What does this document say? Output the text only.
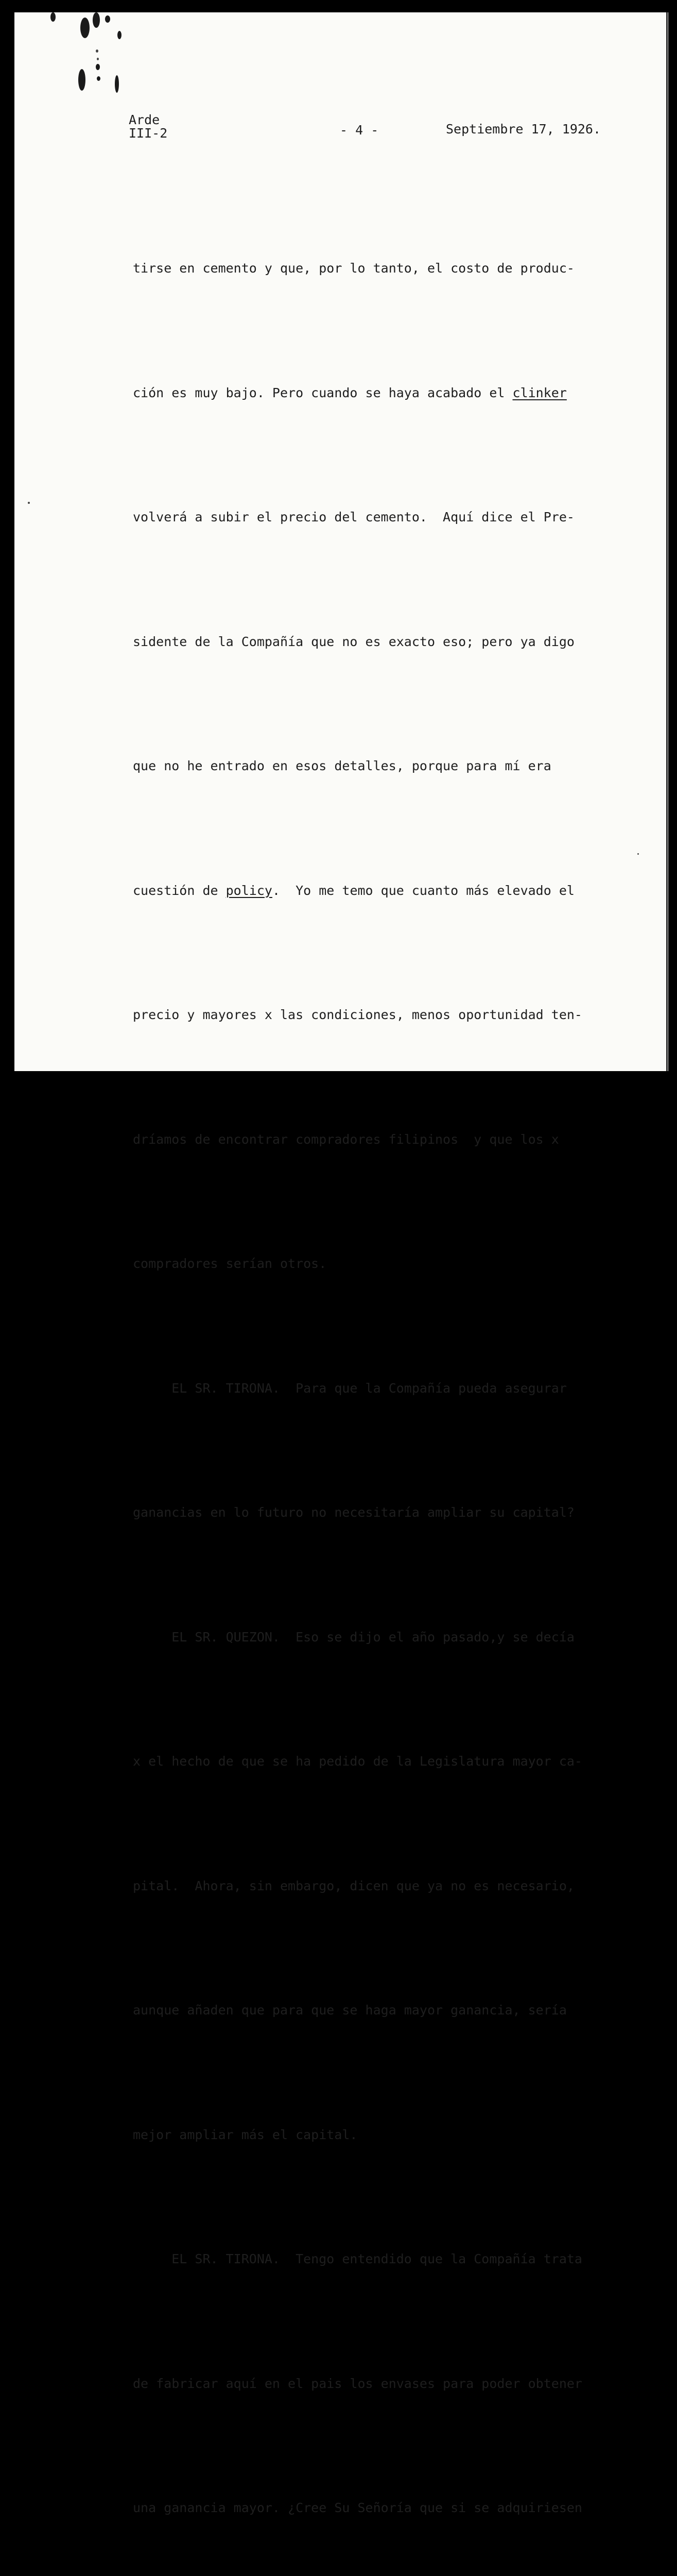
Arde
III-2	- 4 -	Septiembre 17, 1926.

tirse en cemento y que, por lo tanto, el costo de produc-

ción es muy bajo. Pero cuando se haya acabado el clinker

volverá a subir el precio del cemento.  Aquí dice el Pre-

sidente de la Compañía que no es exacto eso; pero ya digo

que no he entrado en esos detalles, porque para mí era

cuestión de policy.  Yo me temo que cuanto más elevado el

precio y mayores x las condiciones, menos oportunidad ten-

dríamos de encontrar compradores filipinos  y que los x

compradores serían otros.

EL SR. TIRONA.  Para que la Compañía pueda asegurar

ganancias en lo futuro no necesitaría ampliar su capital?

EL SR. QUEZON.  Eso se dijo el año pasado,y se decía

x el hecho de que se ha pedido de la Legislatura mayor ca-

pital.  Ahora, sin embargo, dicen que ya no es necesario,

aunque añaden que para que se haga mayor ganancia, sería

mejor ampliar más el capital.

EL SR. TIRONA.  Tengo entendido que la Compañía trata

de fabricar aquí en el pais los envases para poder obtener

una ganancia mayor. ¿Cree Su Señoría que si se adquiriesen
